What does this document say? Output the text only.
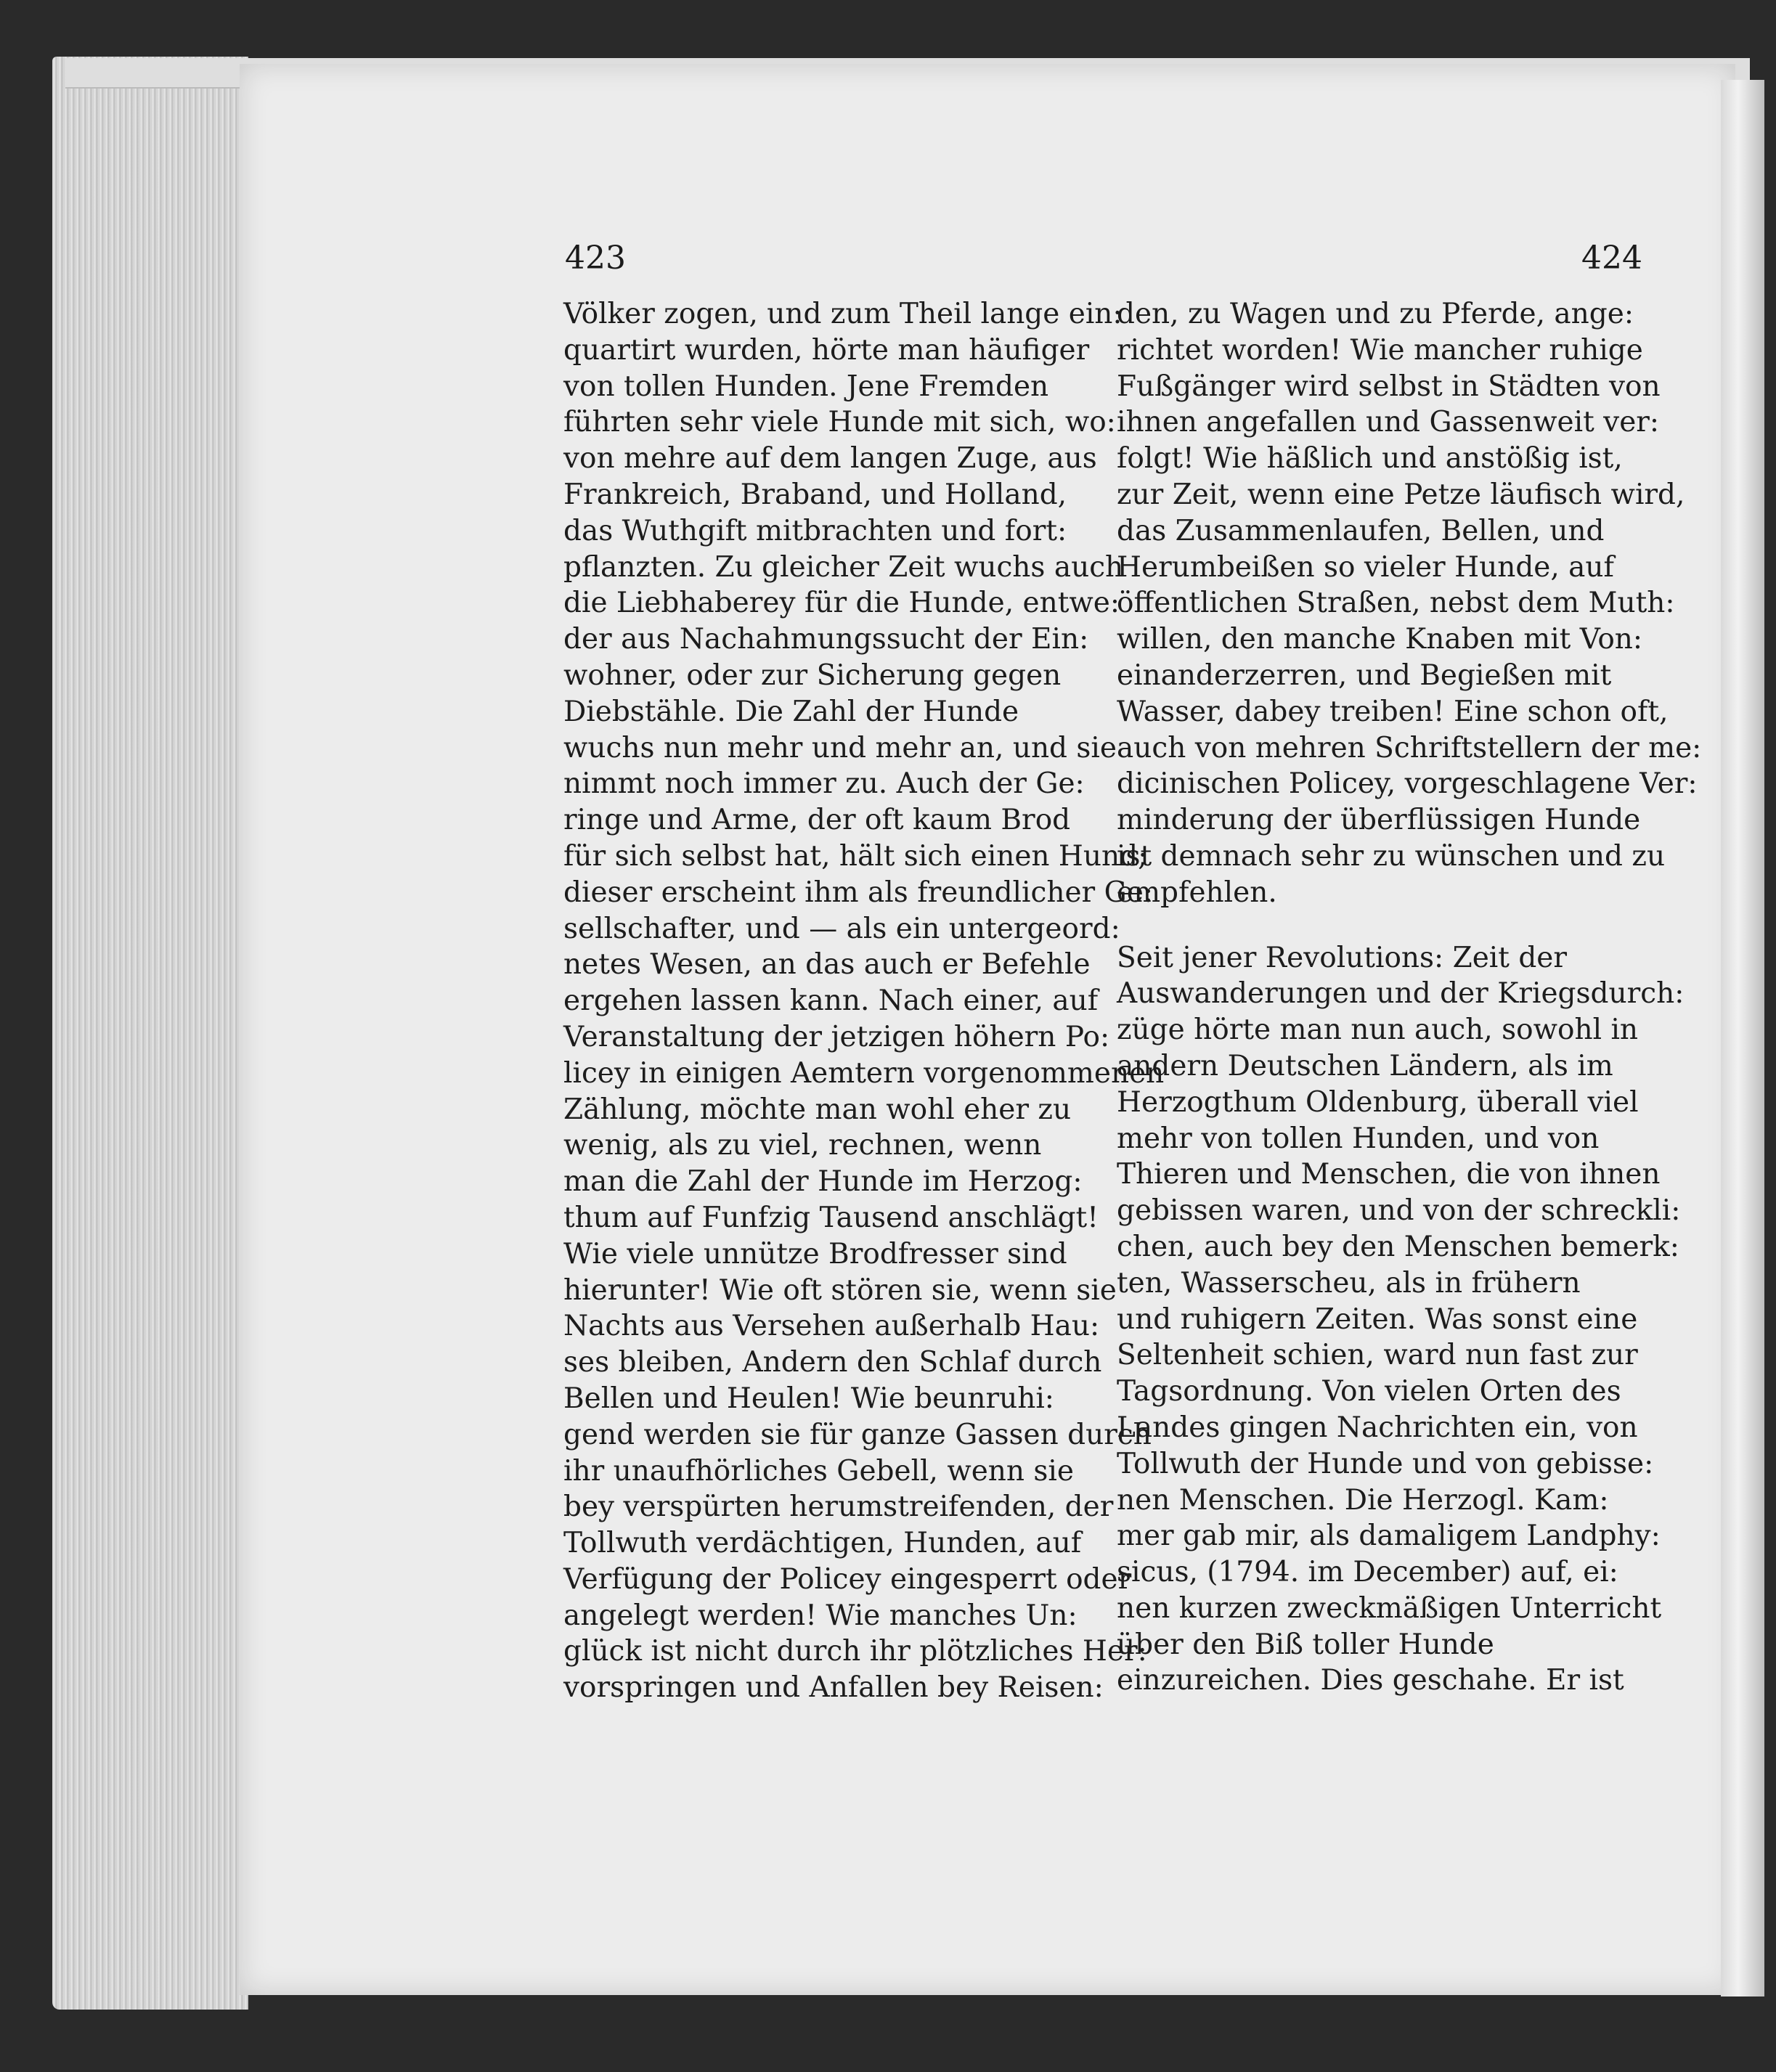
423	424
Völker zogen, und zum Theil lange ein:
quartirt wurden, hörte man häufiger
von tollen Hunden. Jene Fremden
führten sehr viele Hunde mit sich, wo:
von mehre auf dem langen Zuge, aus
Frankreich, Braband, und Holland,
das Wuthgift mitbrachten und fort:
pflanzten. Zu gleicher Zeit wuchs auch
die Liebhaberey für die Hunde, entwe:
der aus Nachahmungssucht der Ein:
wohner, oder zur Sicherung gegen
Diebstähle. Die Zahl der Hunde
wuchs nun mehr und mehr an, und sie
nimmt noch immer zu. Auch der Ge:
ringe und Arme, der oft kaum Brod
für sich selbst hat, hält sich einen Hund;
dieser erscheint ihm als freundlicher Ge:
sellschafter, und — als ein untergeord:
netes Wesen, an das auch er Befehle
ergehen lassen kann. Nach einer, auf
Veranstaltung der jetzigen höhern Po:
licey in einigen Aemtern vorgenommenen
Zählung, möchte man wohl eher zu
wenig, als zu viel, rechnen, wenn
man die Zahl der Hunde im Herzog:
thum auf Funfzig Tausend anschlägt!
Wie viele unnütze Brodfresser sind
hierunter! Wie oft stören sie, wenn sie
Nachts aus Versehen außerhalb Hau:
ses bleiben, Andern den Schlaf durch
Bellen und Heulen! Wie beunruhi:
gend werden sie für ganze Gassen durch
ihr unaufhörliches Gebell, wenn sie
bey verspürten herumstreifenden, der
Tollwuth verdächtigen, Hunden, auf
Verfügung der Policey eingesperrt oder
angelegt werden! Wie manches Un:
glück ist nicht durch ihr plötzliches Her:
vorspringen und Anfallen bey Reisen:
den, zu Wagen und zu Pferde, ange:
richtet worden! Wie mancher ruhige
Fußgänger wird selbst in Städten von
ihnen angefallen und Gassenweit ver:
folgt! Wie häßlich und anstößig ist,
zur Zeit, wenn eine Petze läufisch wird,
das Zusammenlaufen, Bellen, und
Herumbeißen so vieler Hunde, auf
öffentlichen Straßen, nebst dem Muth:
willen, den manche Knaben mit Von:
einanderzerren, und Begießen mit
Wasser, dabey treiben! Eine schon oft,
auch von mehren Schriftstellern der me:
dicinischen Policey, vorgeschlagene Ver:
minderung der überflüssigen Hunde
ist demnach sehr zu wünschen und zu
empfehlen.
Seit jener Revolutions: Zeit der
Auswanderungen und der Kriegsdurch:
züge hörte man nun auch, sowohl in
andern Deutschen Ländern, als im
Herzogthum Oldenburg, überall viel
mehr von tollen Hunden, und von
Thieren und Menschen, die von ihnen
gebissen waren, und von der schreckli:
chen, auch bey den Menschen bemerk:
ten, Wasserscheu, als in frühern
und ruhigern Zeiten. Was sonst eine
Seltenheit schien, ward nun fast zur
Tagsordnung. Von vielen Orten des
Landes gingen Nachrichten ein, von
Tollwuth der Hunde und von gebisse:
nen Menschen. Die Herzogl. Kam:
mer gab mir, als damaligem Landphy:
sicus, (1794. im December) auf, ei:
nen kurzen zweckmäßigen Unterricht
über den Biß toller Hunde
einzureichen. Dies geschahe. Er ist
